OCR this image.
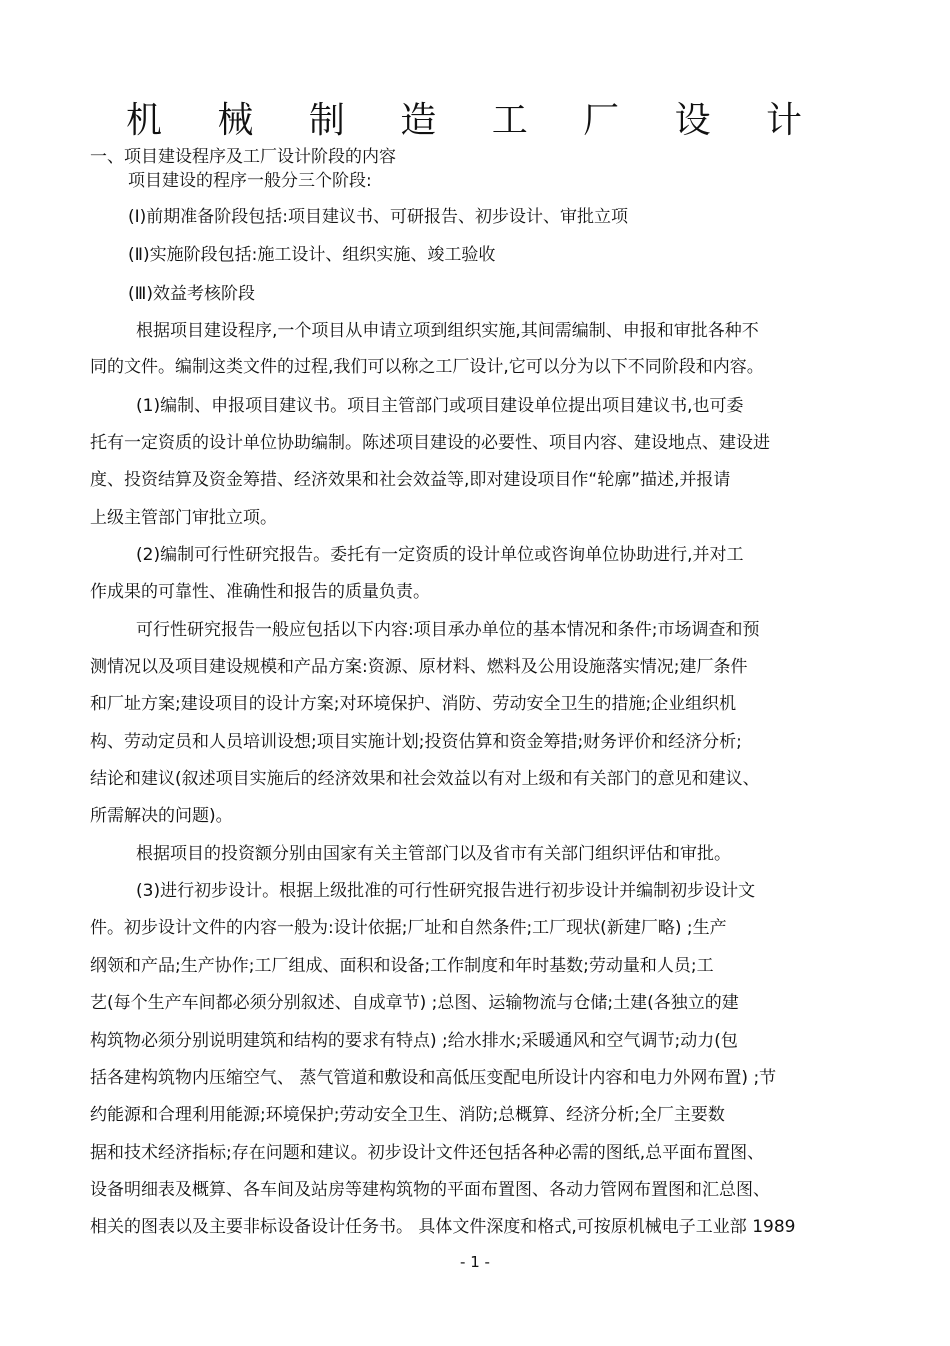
机 械 制 造 工 厂 设 计
一、项目建设程序及工厂设计阶段的内容
项目建设的程序一般分三个阶段:
(Ⅰ)前期准备阶段包括:项目建议书、可研报告、初步设计、审批立项
(Ⅱ)实施阶段包括:施工设计、组织实施、竣工验收
(Ⅲ)效益考核阶段
根据项目建设程序,一个项目从申请立项到组织实施,其间需编制、申报和审批各种不
同的文件。编制这类文件的过程,我们可以称之工厂设计,它可以分为以下不同阶段和内容。
(1)编制、申报项目建议书。项目主管部门或项目建设单位提出项目建议书,也可委
托有一定资质的设计单位协助编制。陈述项目建设的必要性、项目内容、建设地点、建设进
度、投资结算及资金筹措、经济效果和社会效益等,即对建设项目作“轮廓”描述,并报请
上级主管部门审批立项。
(2)编制可行性研究报告。委托有一定资质的设计单位或咨询单位协助进行,并对工
作成果的可靠性、准确性和报告的质量负责。
可行性研究报告一般应包括以下内容:项目承办单位的基本情况和条件;市场调查和预
测情况以及项目建设规模和产品方案:资源、原材料、燃料及公用设施落实情况;建厂条件
和厂址方案;建设项目的设计方案;对环境保护、消防、劳动安全卫生的措施;企业组织机
构、劳动定员和人员培训设想;项目实施计划;投资估算和资金筹措;财务评价和经济分析;
结论和建议(叙述项目实施后的经济效果和社会效益以有对上级和有关部门的意见和建议、
所需解决的问题)。
根据项目的投资额分别由国家有关主管部门以及省市有关部门组织评估和审批。
(3)进行初步设计。根据上级批准的可行性研究报告进行初步设计并编制初步设计文
件。初步设计文件的内容一般为:设计依据;厂址和自然条件;工厂现状(新建厂略) ;生产
纲领和产品;生产协作;工厂组成、面积和设备;工作制度和年时基数;劳动量和人员;工
艺(每个生产车间都必须分别叙述、自成章节) ;总图、运输物流与仓储;土建(各独立的建
构筑物必须分别说明建筑和结构的要求有特点) ;给水排水;采暖通风和空气调节;动力(包
括各建构筑物内压缩空气、 蒸气管道和敷设和高低压变配电所设计内容和电力外网布置) ;节
约能源和合理利用能源;环境保护;劳动安全卫生、消防;总概算、经济分析;全厂主要数
据和技术经济指标;存在问题和建议。初步设计文件还包括各种必需的图纸,总平面布置图、
设备明细表及概算、各车间及站房等建构筑物的平面布置图、各动力管网布置图和汇总图、
相关的图表以及主要非标设备设计任务书。 具体文件深度和格式,可按原机械电子工业部 1989
- 1 -
